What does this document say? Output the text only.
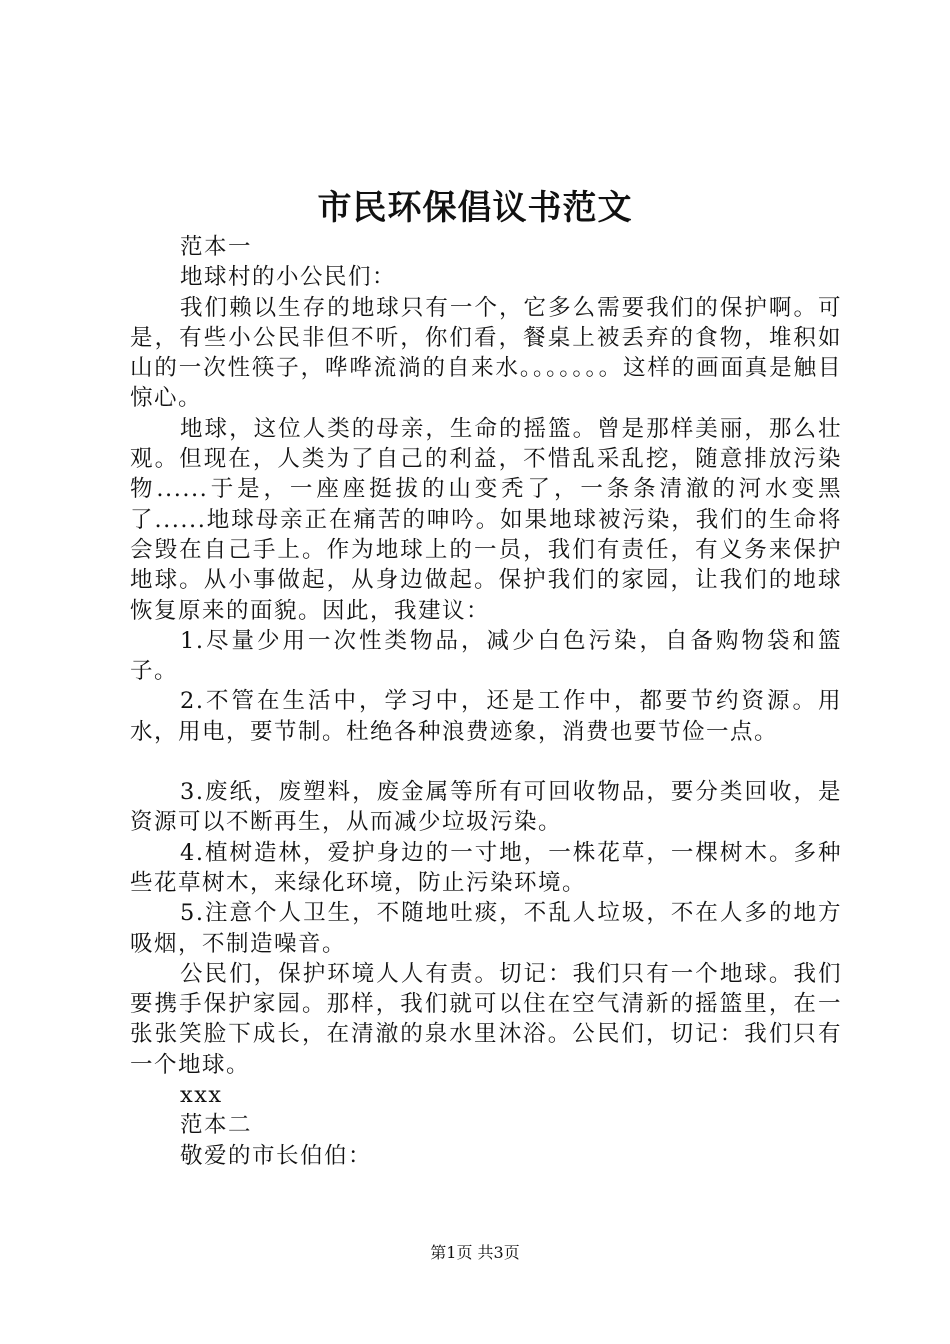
市民环保倡议书范文

范本一

地球村的小公民们：

我们赖以生存的地球只有一个，它多么需要我们的保护啊。可是，有些小公民非但不听，你们看，餐桌上被丢弃的食物，堆积如山的一次性筷子，哗哗流淌的自来水。。。。。。。这样的画面真是触目惊心。

地球，这位人类的母亲，生命的摇篮。曾是那样美丽，那么壮观。但现在，人类为了自己的利益，不惜乱采乱挖，随意排放污染物......于是，一座座挺拔的山变秃了，一条条清澈的河水变黑了......地球母亲正在痛苦的呻吟。如果地球被污染，我们的生命将会毁在自己手上。作为地球上的一员，我们有责任，有义务来保护地球。从小事做起，从身边做起。保护我们的家园，让我们的地球恢复原来的面貌。因此，我建议：

1.尽量少用一次性类物品，减少白色污染，自备购物袋和篮子。

2.不管在生活中，学习中，还是工作中，都要节约资源。用水，用电，要节制。杜绝各种浪费迹象，消费也要节俭一点。

3.废纸，废塑料，废金属等所有可回收物品，要分类回收，是资源可以不断再生，从而减少垃圾污染。

4.植树造林，爱护身边的一寸地，一株花草，一棵树木。多种些花草树木，来绿化环境，防止污染环境。

5.注意个人卫生，不随地吐痰，不乱人垃圾，不在人多的地方吸烟，不制造噪音。

公民们，保护环境人人有责。切记：我们只有一个地球。我们要携手保护家园。那样，我们就可以住在空气清新的摇篮里，在一张张笑脸下成长，在清澈的泉水里沐浴。公民们，切记：我们只有一个地球。

xxx

范本二

敬爱的市长伯伯：

第1页 共3页
